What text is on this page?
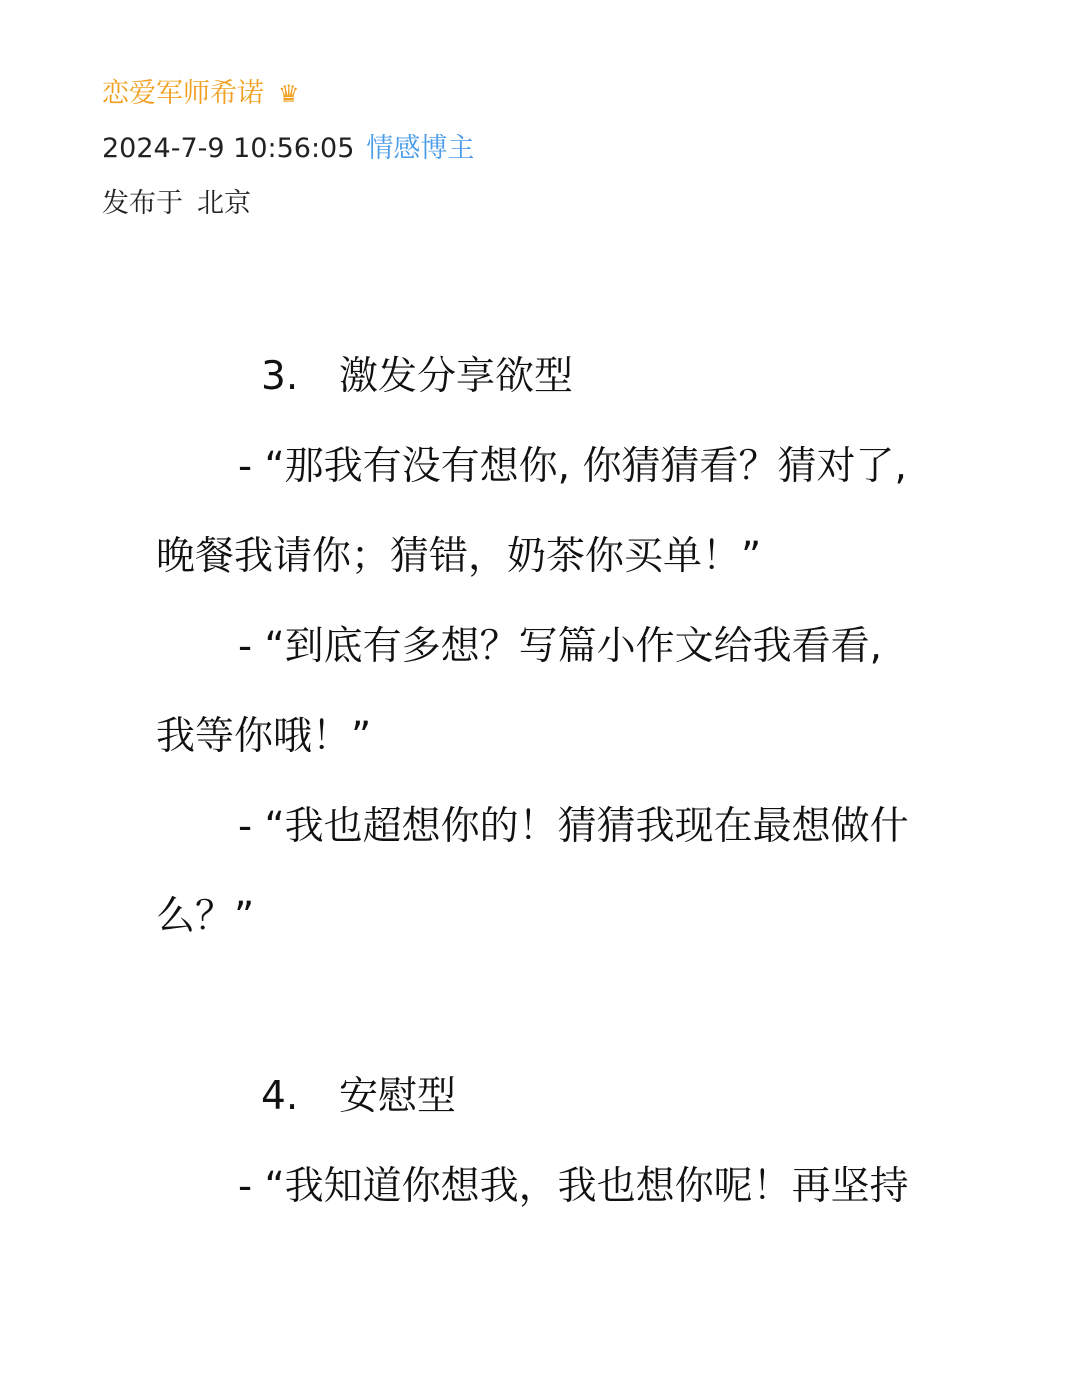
恋爱军师希诺 ♛
2024-7-9 10:56:05 情感博主
发布于 北京
3. 激发分享欲型
- “那我有没有想你, 你猜猜看？猜对了,
晚餐我请你；猜错，奶茶你买单！”
- “到底有多想？写篇小作文给我看看,
我等你哦！”
- “我也超想你的！猜猜我现在最想做什
么？”
4. 安慰型
- “我知道你想我，我也想你呢！再坚持
